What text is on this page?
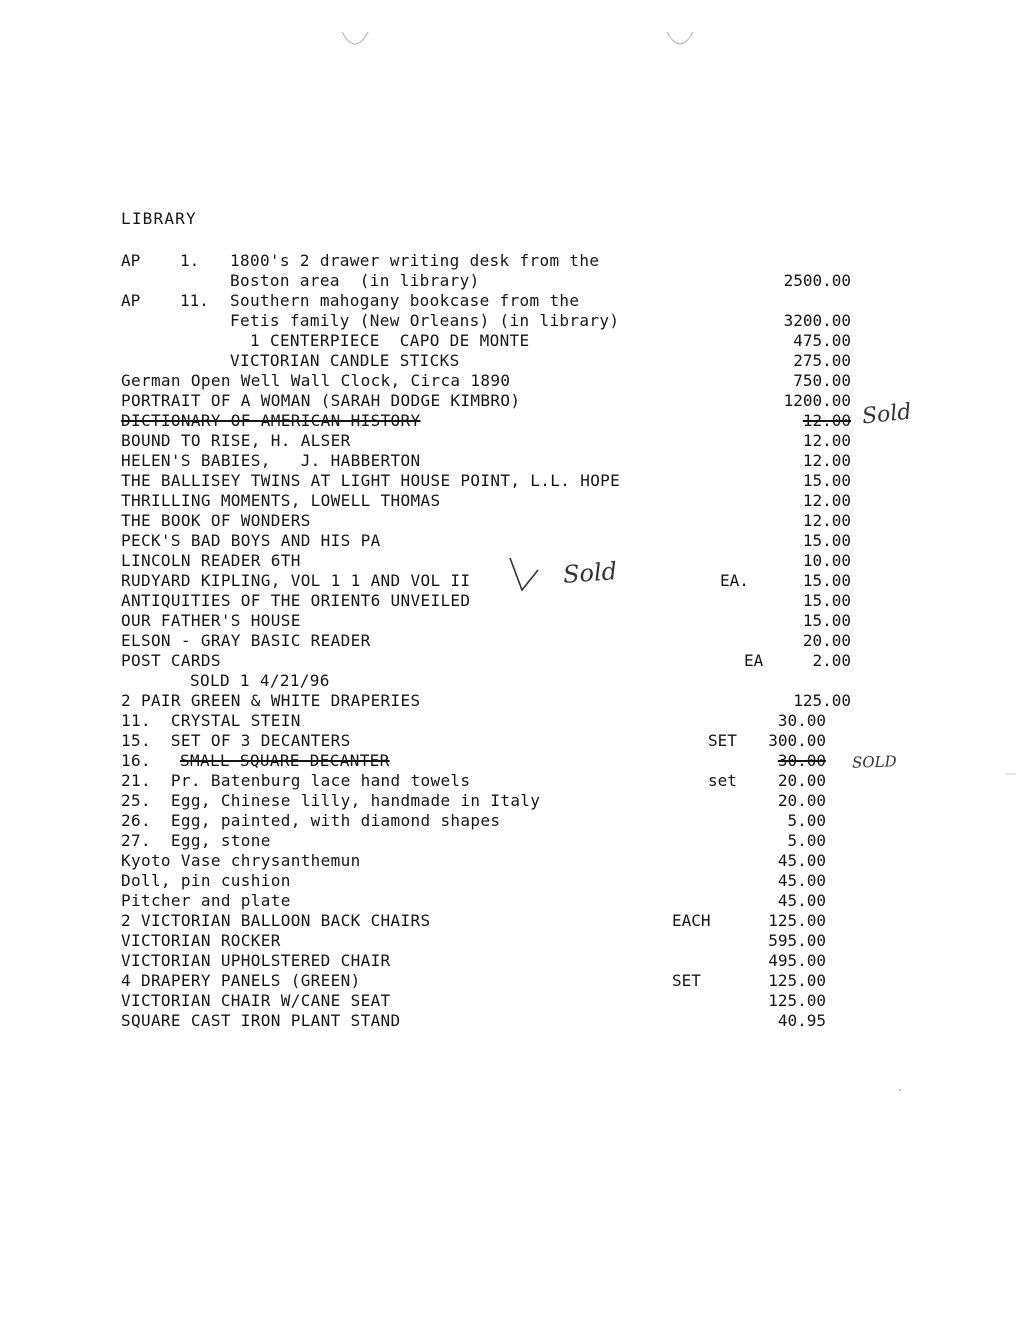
LIBRARY
AP 1. 1800's 2 drawer writing desk from the
Boston area  (in library)	2500.00
AP 11. Southern mahogany bookcase from the
Fetis family (New Orleans) (in library)	3200.00
1 CENTERPIECE  CAPO DE MONTE	475.00
VICTORIAN CANDLE STICKS	275.00
German Open Well Wall Clock, Circa 1890	750.00
PORTRAIT OF A WOMAN (SARAH DODGE KIMBRO)	1200.00
DICTIONARY OF AMERICAN HISTORY	12.00
BOUND TO RISE, H. ALSER	12.00
HELEN'S BABIES,   J. HABBERTON	12.00
THE BALLISEY TWINS AT LIGHT HOUSE POINT, L.L. HOPE	15.00
THRILLING MOMENTS, LOWELL THOMAS	12.00
THE BOOK OF WONDERS	12.00
PECK'S BAD BOYS AND HIS PA	15.00
LINCOLN READER 6TH	10.00
RUDYARD KIPLING, VOL 1 1 AND VOL II	EA.	15.00
ANTIQUITIES OF THE ORIENT6 UNVEILED	15.00
OUR FATHER'S HOUSE	15.00
ELSON - GRAY BASIC READER	20.00
POST CARDS	EA	2.00
SOLD 1 4/21/96
2 PAIR GREEN & WHITE DRAPERIES	125.00
11.  CRYSTAL STEIN	30.00
15.  SET OF 3 DECANTERS	SET	300.00
16. SMALL SQUARE DECANTER	30.00
21.  Pr. Batenburg lace hand towels	set	20.00
25.  Egg, Chinese lilly, handmade in Italy	20.00
26.  Egg, painted, with diamond shapes	5.00
27.  Egg, stone	5.00
Kyoto Vase chrysanthemun	45.00
Doll, pin cushion	45.00
Pitcher and plate	45.00
2 VICTORIAN BALLOON BACK CHAIRS	EACH	125.00
VICTORIAN ROCKER	595.00
VICTORIAN UPHOLSTERED CHAIR	495.00
4 DRAPERY PANELS (GREEN)	SET	125.00
VICTORIAN CHAIR W/CANE SEAT	125.00
SQUARE CAST IRON PLANT STAND	40.95
Sold
Sold
SOLD
